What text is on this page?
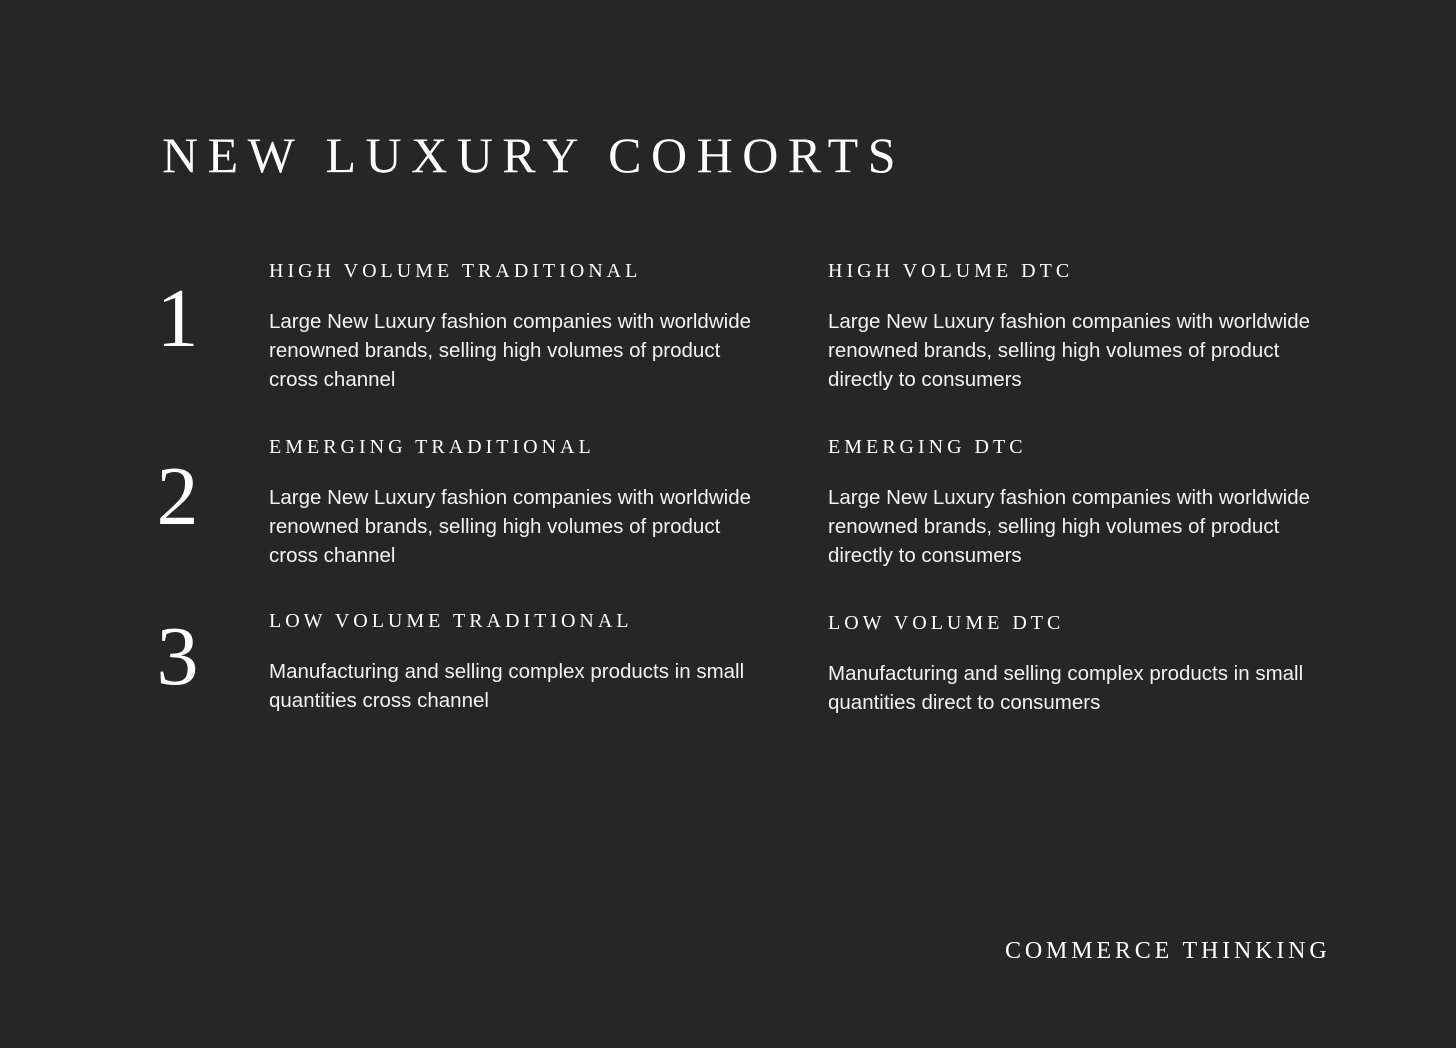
NEW LUXURY COHORTS
1
HIGH VOLUME TRADITIONAL
Large New Luxury fashion companies with worldwide renowned brands, selling high volumes of product cross channel
HIGH VOLUME DTC
Large New Luxury fashion companies with worldwide renowned brands, selling high volumes of product directly to consumers
2
EMERGING TRADITIONAL
Large New Luxury fashion companies with worldwide renowned brands, selling high volumes of product cross channel
EMERGING DTC
Large New Luxury fashion companies with worldwide renowned brands, selling high volumes of product directly to consumers
3	LOW VOLUME TRADITIONAL
Manufacturing and selling complex products in small quantities cross channel
LOW VOLUME DTC
Manufacturing and selling complex products in small quantities direct to consumers
COMMERCE THINKING
